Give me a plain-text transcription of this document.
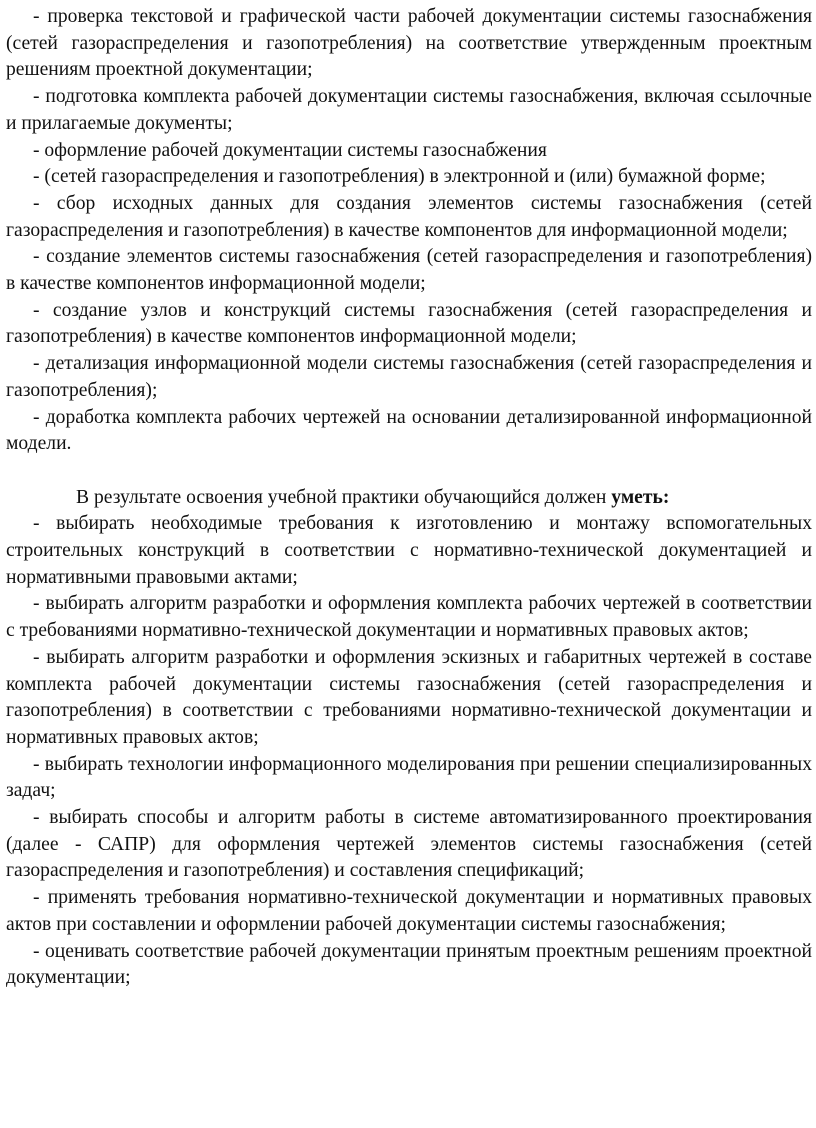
- проверка текстовой и графической части рабочей документации системы газоснабжения (сетей газораспределения и газопотребления) на соответствие утвержденным проектным решениям проектной документации;

- подготовка комплекта рабочей документации системы газоснабжения, включая ссылочные и прилагаемые документы;

- оформление рабочей документации системы газоснабжения

- (сетей газораспределения и газопотребления) в электронной и (или) бумажной форме;

- сбор исходных данных для создания элементов системы газоснабжения (сетей газораспределения и газопотребления) в качестве компонентов для информационной модели;

- создание элементов системы газоснабжения (сетей газораспределения и газопотребления) в качестве компонентов информационной модели;

- создание узлов и конструкций системы газоснабжения (сетей газораспределения и газопотребления) в качестве компонентов информационной модели;

- детализация информационной модели системы газоснабжения (сетей газораспределения и газопотребления);

- доработка комплекта рабочих чертежей на основании детализированной информационной модели.

В результате освоения учебной практики обучающийся должен уметь:

- выбирать необходимые требования к изготовлению и монтажу вспомогательных строительных конструкций в соответствии с нормативно-технической документацией и нормативными правовыми актами;

- выбирать алгоритм разработки и оформления комплекта рабочих чертежей в соответствии с требованиями нормативно-технической документации и нормативных правовых актов;

- выбирать алгоритм разработки и оформления эскизных и габаритных чертежей в составе комплекта рабочей документации системы газоснабжения (сетей газораспределения и газопотребления) в соответствии с требованиями нормативно-технической документации и нормативных правовых актов;

- выбирать технологии информационного моделирования при решении специализированных задач;

- выбирать способы и алгоритм работы в системе автоматизированного проектирования (далее - САПР) для оформления чертежей элементов системы газоснабжения (сетей газораспределения и газопотребления) и составления спецификаций;

- применять требования нормативно-технической документации и нормативных правовых актов при составлении и оформлении рабочей документации системы газоснабжения;

- оценивать соответствие рабочей документации принятым проектным решениям проектной документации;
